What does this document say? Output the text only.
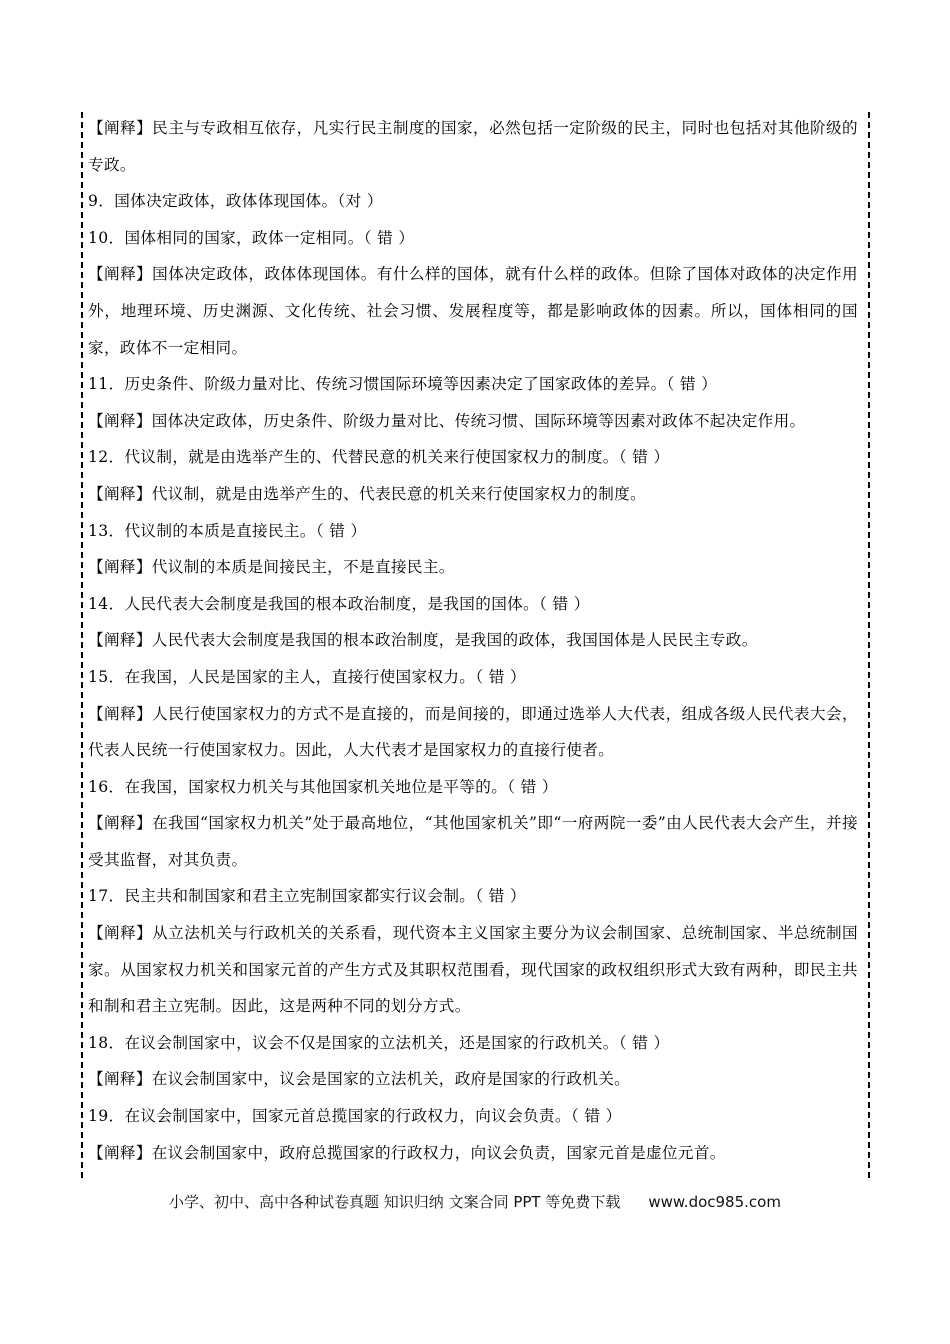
【阐释】民主与专政相互依存，凡实行民主制度的国家，必然包括一定阶级的民主，同时也包括对其他阶级的专政。

9．国体决定政体，政体体现国体。（对 ）

10．国体相同的国家，政体一定相同。（ 错 ）

【阐释】国体决定政体，政体体现国体。有什么样的国体，就有什么样的政体。但除了国体对政体的决定作用外，地理环境、历史渊源、文化传统、社会习惯、发展程度等，都是影响政体的因素。所以，国体相同的国家，政体不一定相同。

11．历史条件、阶级力量对比、传统习惯国际环境等因素决定了国家政体的差异。（ 错 ）

【阐释】国体决定政体，历史条件、阶级力量对比、传统习惯、国际环境等因素对政体不起决定作用。

12．代议制，就是由选举产生的、代替民意的机关来行使国家权力的制度。（ 错 ）

【阐释】代议制，就是由选举产生的、代表民意的机关来行使国家权力的制度。

13．代议制的本质是直接民主。（ 错 ）

【阐释】代议制的本质是间接民主，不是直接民主。

14．人民代表大会制度是我国的根本政治制度，是我国的国体。（ 错 ）

【阐释】人民代表大会制度是我国的根本政治制度，是我国的政体，我国国体是人民民主专政。

15．在我国，人民是国家的主人，直接行使国家权力。（ 错 ）

【阐释】人民行使国家权力的方式不是直接的，而是间接的，即通过选举人大代表，组成各级人民代表大会，代表人民统一行使国家权力。因此，人大代表才是国家权力的直接行使者。

16．在我国，国家权力机关与其他国家机关地位是平等的。（ 错 ）

【阐释】在我国“国家权力机关”处于最高地位，“其他国家机关”即“一府两院一委”由人民代表大会产生，并接受其监督，对其负责。

17．民主共和制国家和君主立宪制国家都实行议会制。（ 错 ）

【阐释】从立法机关与行政机关的关系看，现代资本主义国家主要分为议会制国家、总统制国家、半总统制国家。从国家权力机关和国家元首的产生方式及其职权范围看，现代国家的政权组织形式大致有两种，即民主共和制和君主立宪制。因此，这是两种不同的划分方式。

18．在议会制国家中，议会不仅是国家的立法机关，还是国家的行政机关。（ 错 ）

【阐释】在议会制国家中，议会是国家的立法机关，政府是国家的行政机关。

19．在议会制国家中，国家元首总揽国家的行政权力，向议会负责。（ 错 ）

【阐释】在议会制国家中，政府总揽国家的行政权力，向议会负责，国家元首是虚位元首。

小学、初中、高中各种试卷真题 知识归纳 文案合同 PPT 等免费下载 www.doc985.com
